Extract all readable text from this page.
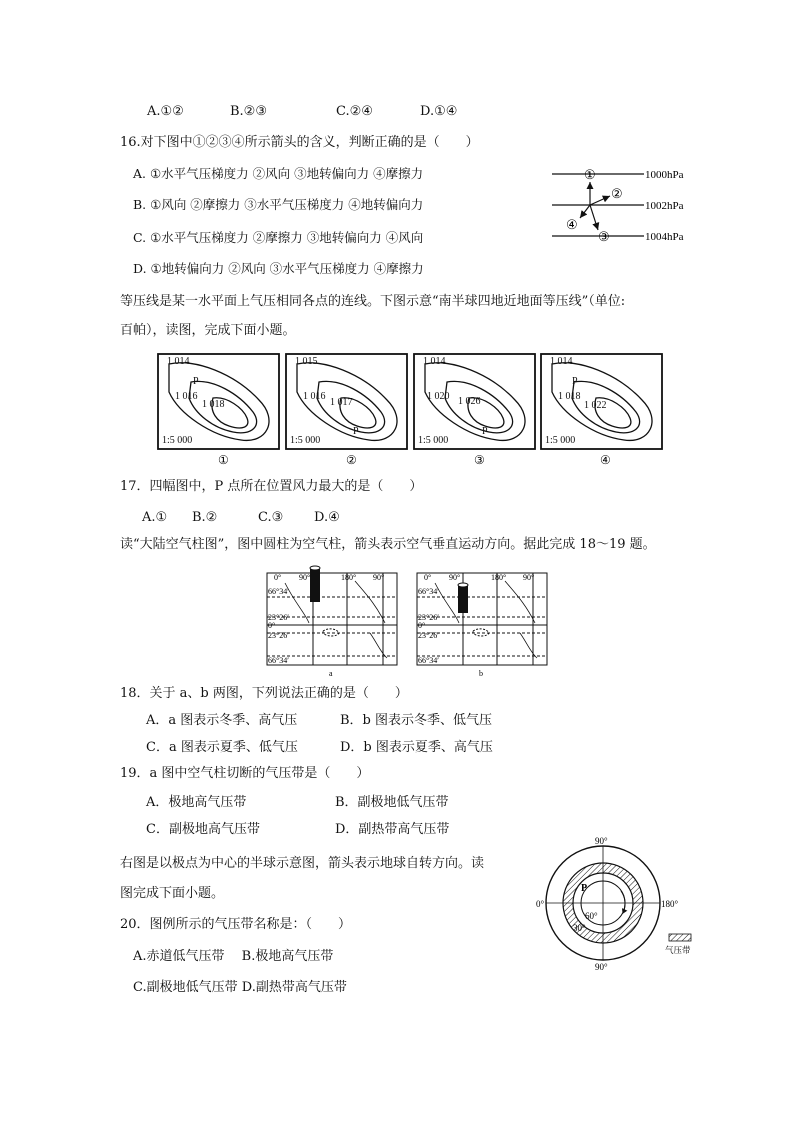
A.①②	B.②③	C.②④	D.①④
16.对下图中①②③④所示箭头的含义，判断正确的是（　　）
A. ①水平气压梯度力 ②风向 ③地转偏向力 ④摩擦力
B. ①风向 ②摩擦力 ③水平气压梯度力 ④地转偏向力
C. ①水平气压梯度力 ②摩擦力 ③地转偏向力 ④风向
D. ①地转偏向力 ②风向 ③水平气压梯度力 ④摩擦力
1000hPa
1002hPa
1004hPa
①
②
③
④
等压线是某一水平面上气压相同各点的连线。下图示意“南半球四地近地面等压线”（单位:
百帕），读图，完成下面小题。
1 014
1 016
1 018
P
1:5 000
①
1 015
1 016
1 017
P
1:5 000
②
1 014
1 020 1 026
P
1:5 000
③
1 014
1 018
1 022
P
1:5 000
④
17．四幅图中，P 点所在位置风力最大的是（　　）
A.① B.②	C.③ D.④
读“大陆空气柱图”，图中圆柱为空气柱，箭头表示空气垂直运动方向。据此完成 18～19 题。
0° 90°	180° 90°
66°34′
23°26′
0°
23°26′
66°34′
a
0° 90°	180° 90°
66°34′
23°26′
0°
23°26′
66°34′
b
18．关于 a、b 两图，下列说法正确的是（　　）
A．a 图表示冬季、高气压	B．b 图表示冬季、低气压
C．a 图表示夏季、低气压	D．b 图表示夏季、高气压
19．a 图中空气柱切断的气压带是（　　）
A．极地高气压带	B．副极地低气压带
C．副极地高气压带	D．副热带高气压带
右图是以极点为中心的半球示意图，箭头表示地球自转方向。读
图完成下面小题。
20．图例所示的气压带名称是：（　　）
A.赤道低气压带　 B.极地高气压带
C.副极地低气压带 D.副热带高气压带
90°
90°
0°	180°
P
60°
30°
气压带
